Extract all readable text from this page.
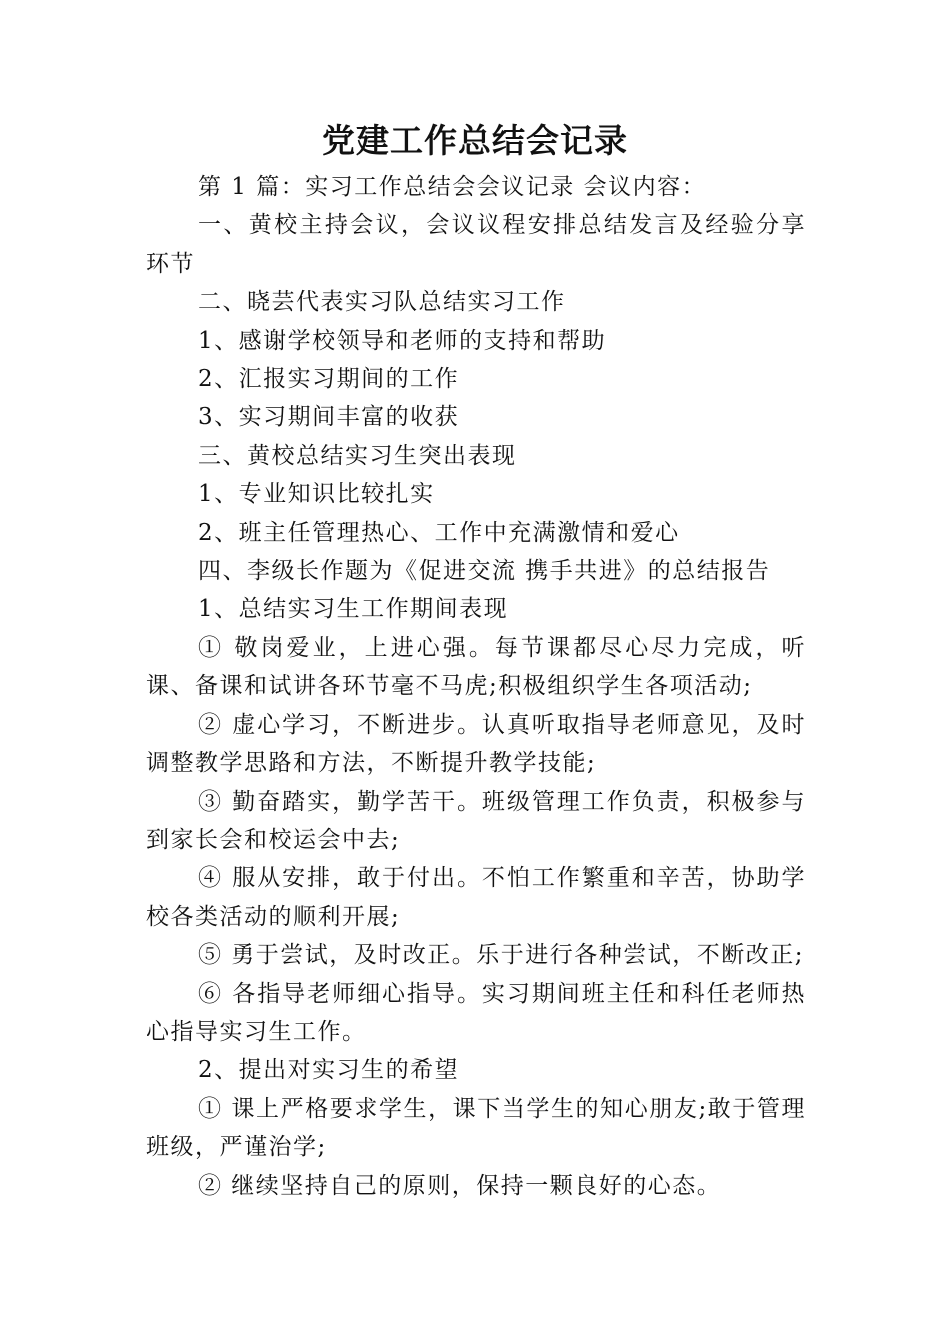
党建工作总结会记录

第 1 篇：实习工作总结会会议记录 会议内容：

一、黄校主持会议，会议议程安排总结发言及经验分享环节

二、晓芸代表实习队总结实习工作

1、感谢学校领导和老师的支持和帮助

2、汇报实习期间的工作

3、实习期间丰富的收获

三、黄校总结实习生突出表现

1、专业知识比较扎实

2、班主任管理热心、工作中充满激情和爱心

四、李级长作题为《促进交流 携手共进》的总结报告

1、总结实习生工作期间表现

① 敬岗爱业，上进心强。每节课都尽心尽力完成，听课、备课和试讲各环节毫不马虎;积极组织学生各项活动;

② 虚心学习，不断进步。认真听取指导老师意见，及时调整教学思路和方法，不断提升教学技能;

③ 勤奋踏实，勤学苦干。班级管理工作负责，积极参与到家长会和校运会中去;

④ 服从安排，敢于付出。不怕工作繁重和辛苦，协助学校各类活动的顺利开展;

⑤ 勇于尝试，及时改正。乐于进行各种尝试，不断改正;

⑥ 各指导老师细心指导。实习期间班主任和科任老师热心指导实习生工作。

2、提出对实习生的希望

① 课上严格要求学生，课下当学生的知心朋友;敢于管理班级，严谨治学;

② 继续坚持自己的原则，保持一颗良好的心态。
